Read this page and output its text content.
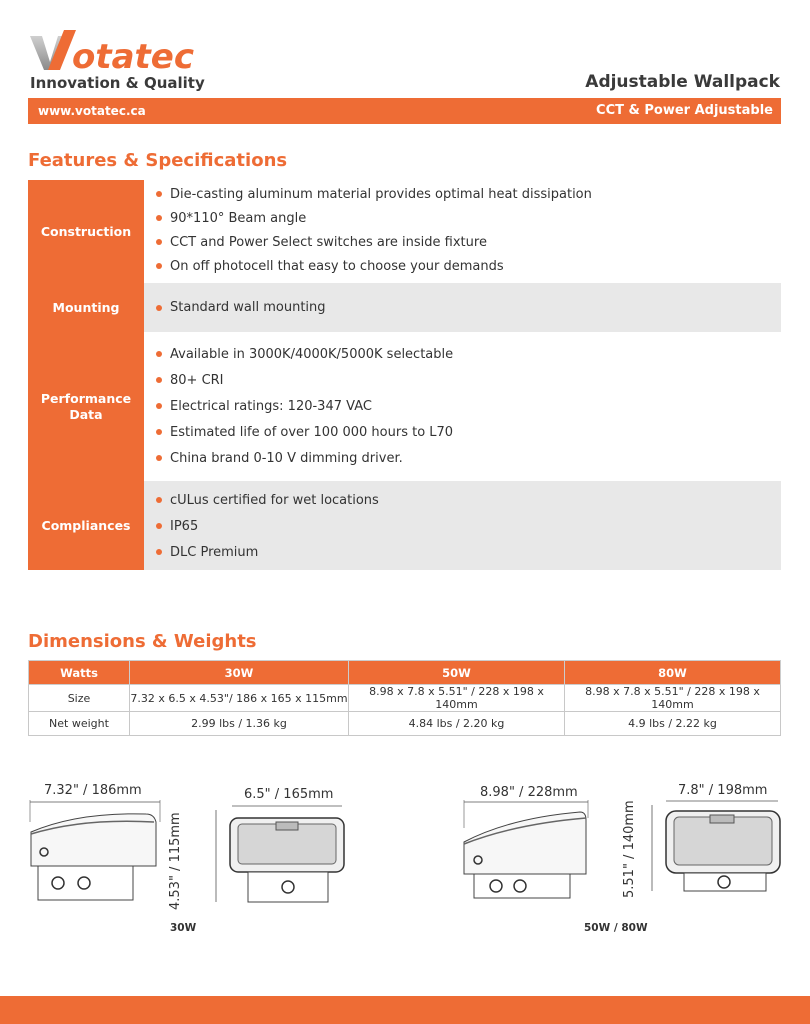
otatec
Innovation & Quality	Adjustable Wallpack
www.votatec.ca	CCT & Power Adjustable
Features & Specifications
Construction
Die-casting aluminum material provides optimal heat dissipation
90*110° Beam angle
CCT and Power Select switches are inside fixture
On off photocell that easy to choose your demands
Mounting	Standard wall mounting
Performance Data
Available in 3000K/4000K/5000K selectable
80+ CRI
Electrical ratings: 120-347 VAC
Estimated life of over 100 000 hours to L70
China brand 0-10 V dimming driver.
Compliances
cULus certified for wet locations
IP65
DLC Premium
Dimensions & Weights
Watts	30W	50W	80W
Size	7.32 x 6.5 x 4.53"/ 186 x 165 x 115mm	8.98 x 7.8 x 5.51" / 228 x 198 x 140mm	8.98 x 7.8 x 5.51" / 228 x 198 x 140mm
Net weight	2.99 lbs / 1.36 kg	4.84 lbs / 2.20 kg	4.9 lbs / 2.22 kg
7.32" / 186mm	6.5" / 165mm
4.53" / 115mm
30W
8.98" / 228mm	7.8" / 198mm
5.51" / 140mm
50W / 80W
